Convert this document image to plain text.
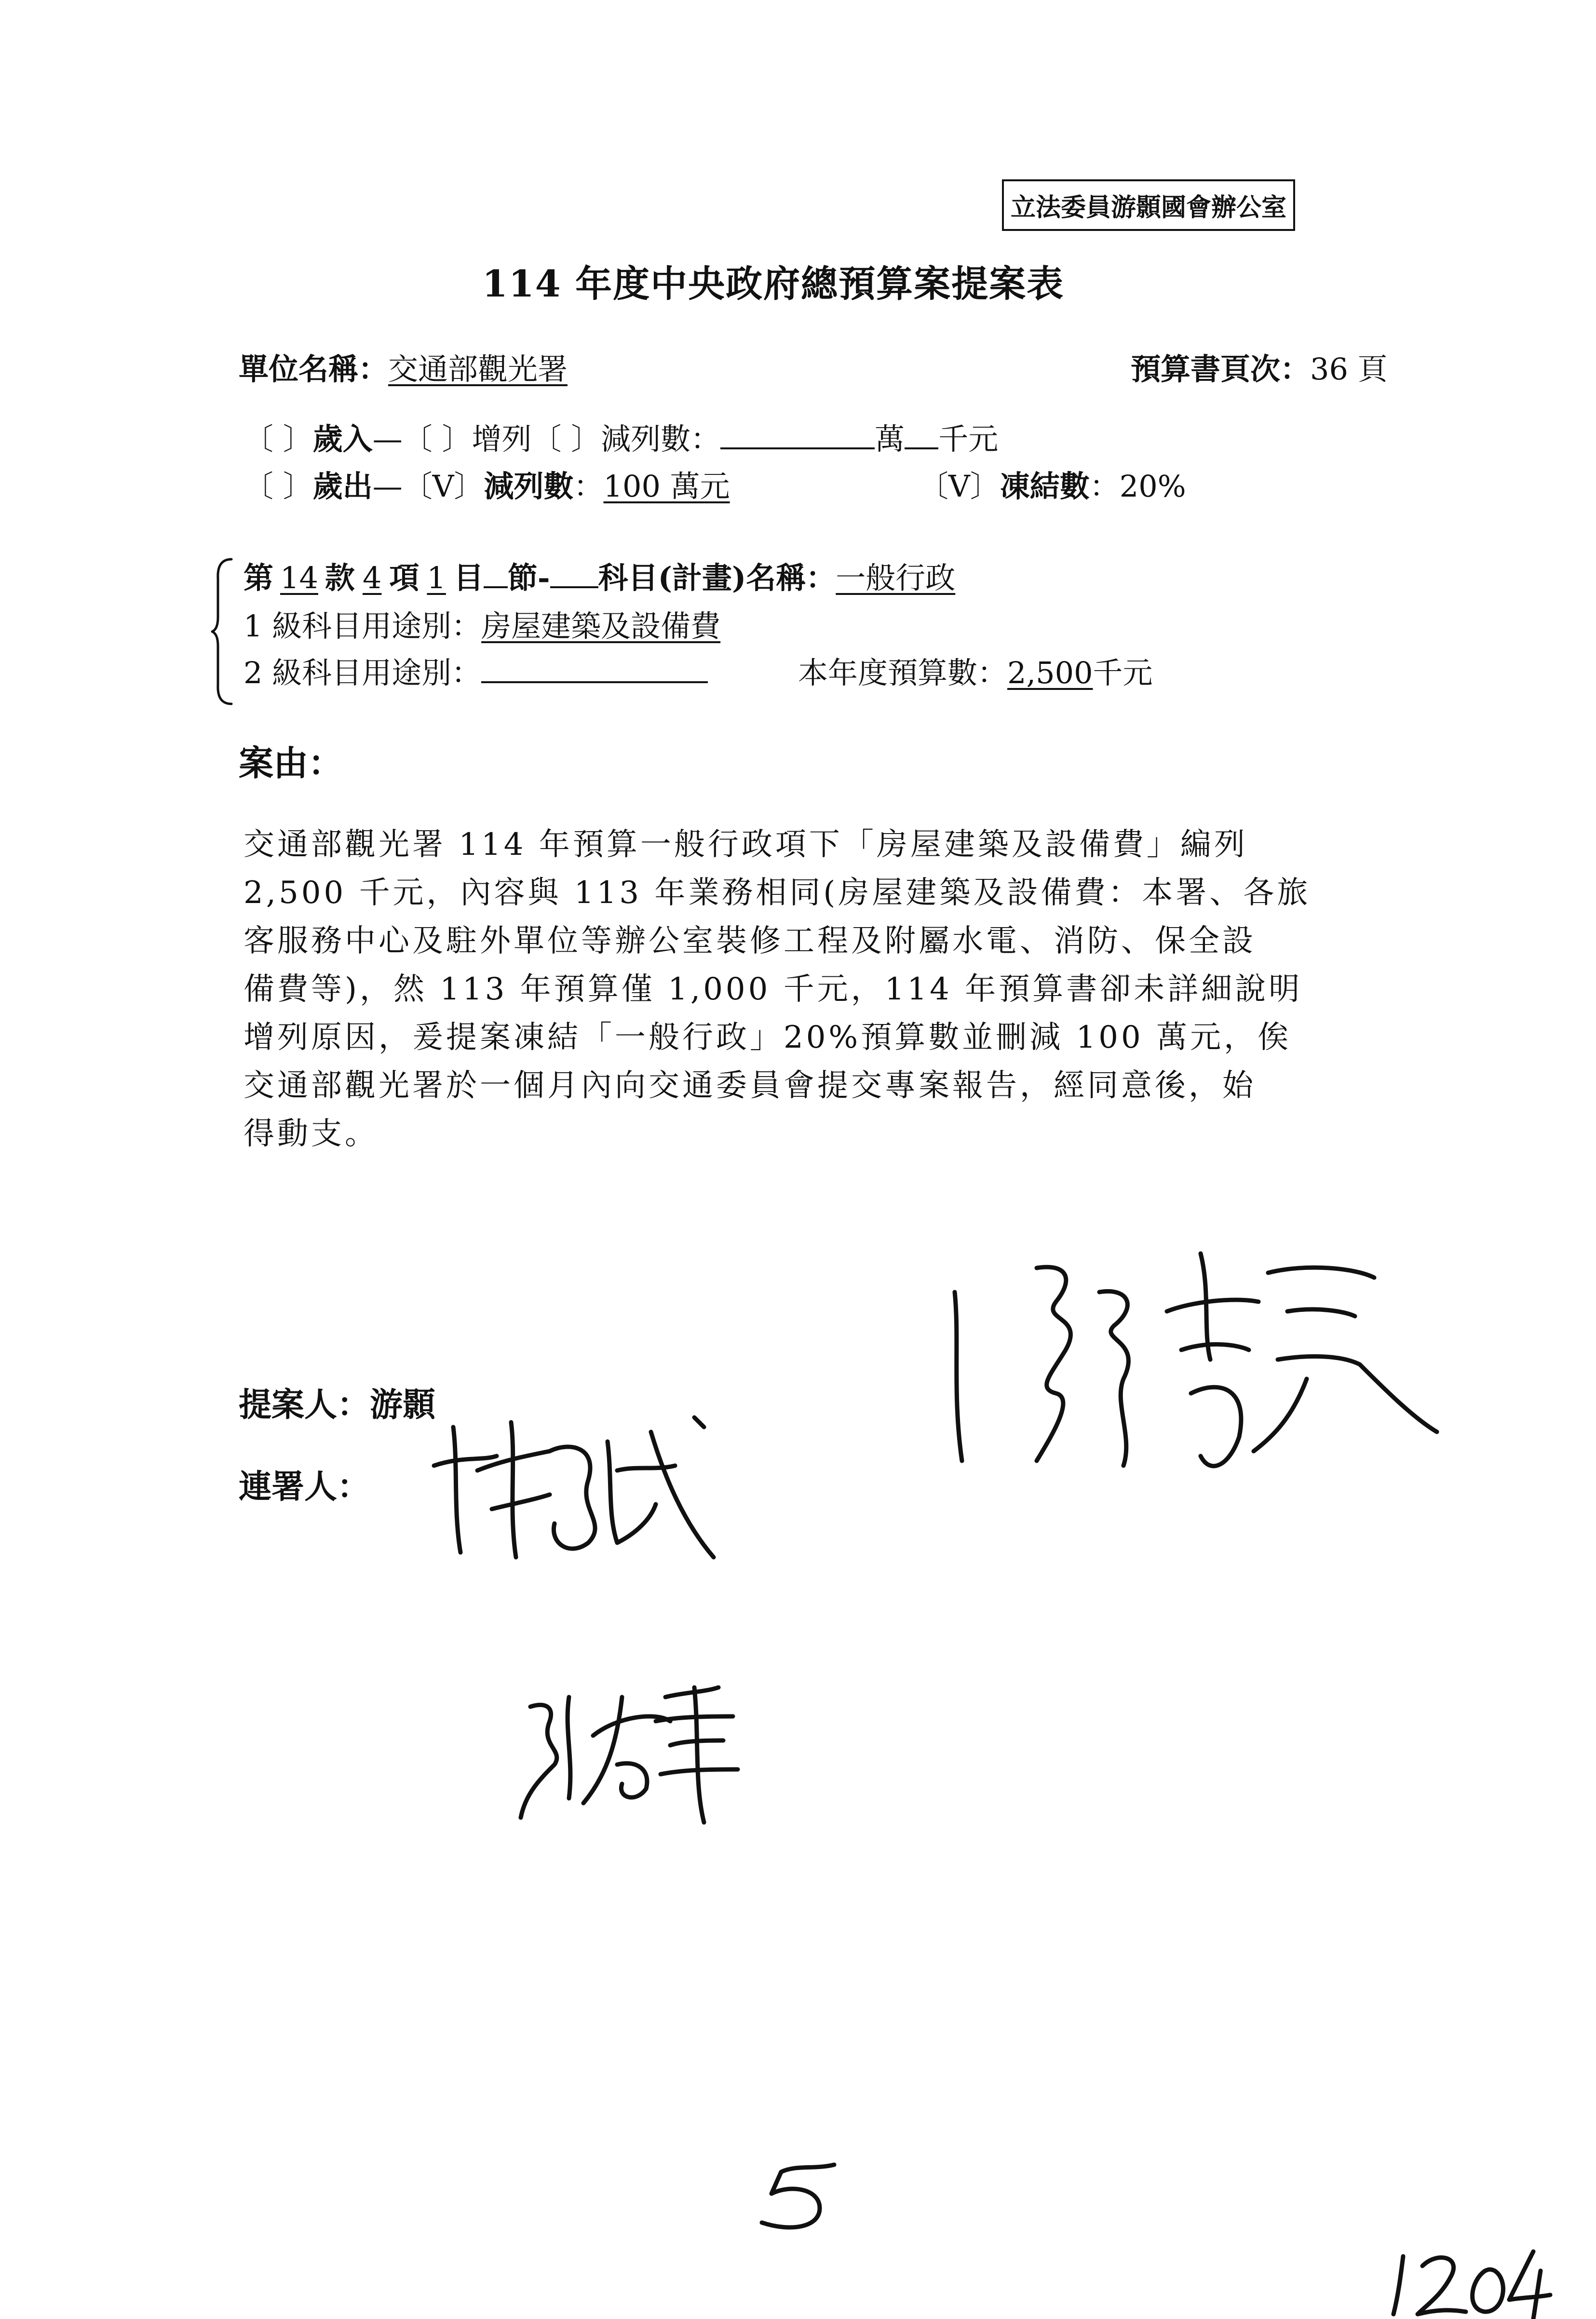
立法委員游顥國會辦公室
114 年度中央政府總預算案提案表
單位名稱：交通部觀光署	預算書頁次：36 頁
〔 〕歲入—〔 〕增列〔 〕減列數：	萬 千元
〔 〕歲出—〔V〕減列數：100 萬元	〔V〕凍結數：20%
第 14 款 4 項 1 目 節- 科目(計畫)名稱：一般行政
1 級科目用途別：房屋建築及設備費
2 級科目用途別：	本年度預算數：2,500千元
案由：
交通部觀光署 114 年預算一般行政項下「房屋建築及設備費」編列
2,500 千元，內容與 113 年業務相同(房屋建築及設備費：本署、各旅
客服務中心及駐外單位等辦公室裝修工程及附屬水電、消防、保全設
備費等)，然 113 年預算僅 1,000 千元，114 年預算書卻未詳細說明
增列原因，爰提案凍結「一般行政」20%預算數並刪減 100 萬元，俟
交通部觀光署於一個月內向交通委員會提交專案報告，經同意後，始
得動支。
提案人：游顥
連署人：
